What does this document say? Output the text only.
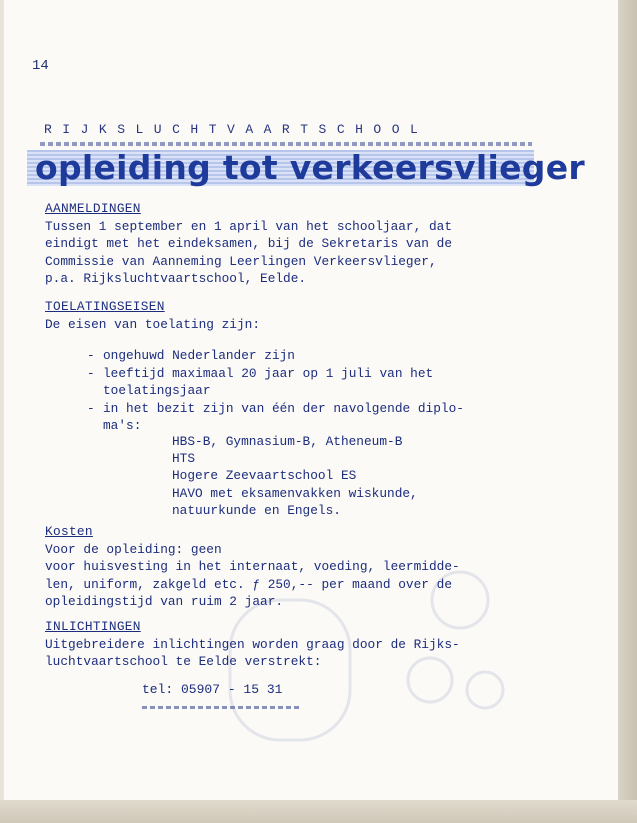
14
RIJKSLUCHTVAARTSCHOOL
opleiding tot verkeersvlieger
AANMELDINGEN
Tussen 1 september en 1 april van het schooljaar, dat
eindigt met het eindeksamen, bij de Sekretaris van de
Commissie van Aanneming Leerlingen Verkeersvlieger,
p.a. Rijksluchtvaartschool, Eelde.
TOELATINGSEISEN
De eisen van toelating zijn:
- ongehuwd Nederlander zijn
- leeftijd maximaal 20 jaar op 1 juli van het
toelatingsjaar
- in het bezit zijn van één der navolgende diplo-
ma's:
HBS-B, Gymnasium-B, Atheneum-B
HTS
Hogere Zeevaartschool ES
HAVO met eksamenvakken wiskunde,
natuurkunde en Engels.
Kosten
Voor de opleiding: geen
voor huisvesting in het internaat, voeding, leermidde-
len, uniform, zakgeld etc. ƒ 250,-- per maand over de
opleidingstijd van ruim 2 jaar.
INLICHTINGEN
Uitgebreidere inlichtingen worden graag door de Rijks-
luchtvaartschool te Eelde verstrekt:
tel: 05907 - 15 31
